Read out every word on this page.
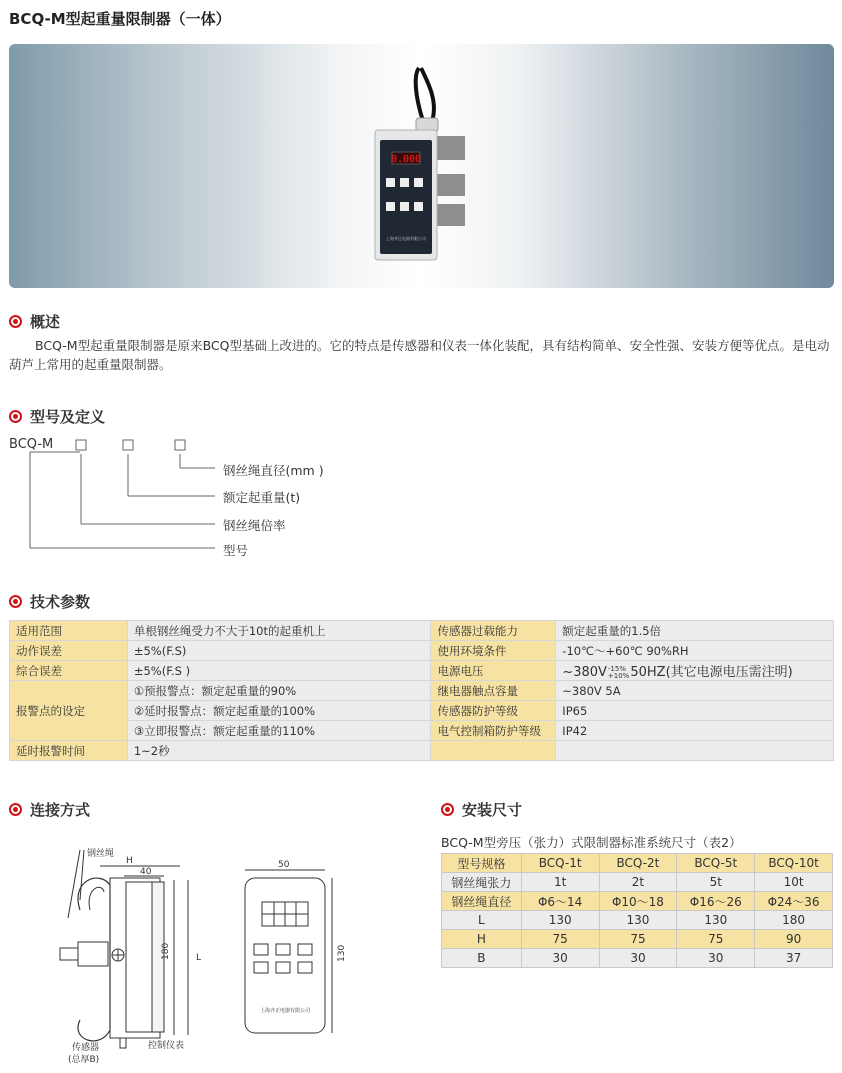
BCQ-M型起重量限制器（一体）
0.000
上海齐正电器有限公司
概述
BCQ-M型起重量限制器是原来BCQ型基础上改进的。它的特点是传感器和仪表一体化装配，具有结构简单、安全性强、安装方便等优点。是电动葫芦上常用的起重量限制器。
型号及定义
BCQ-M
钢丝绳直径(mm )
额定起重量(t)
钢丝绳倍率
型号
技术参数
适用范围	单根钢丝绳受力不大于10t的起重机上	传感器过载能力	额定起重量的1.5倍
动作误差	±5%(F.S)	使用环境条件	-10℃～+60℃ 90%RH
综合误差	±5%(F.S )	电源电压	~380V -15%
+10% 50HZ(其它电源电压需注明)
报警点的设定	①预报警点：额定起重量的90%	继电器触点容量	~380V 5A
	②延时报警点：额定起重量的100%	传感器防护等级	IP65
	③立即报警点：额定起重量的110%	电气控制箱防护等级	IP42
延时报警时间	1~2秒		
连接方式
钢丝绳
H
40
180	L
传感器
(总厚B)
控制仪表
50
130
上海齐正电器有限公司
安装尺寸
BCQ-M型旁压（张力）式限制器标准系统尺寸（表2）
型号规格	BCQ-1t	BCQ-2t	BCQ-5t	BCQ-10t
钢丝绳张力	1t	2t	5t	10t
钢丝绳直径	Φ6～14	Φ10～18	Φ16～26	Φ24～36
L	130	130	130	180
H	75	75	75	90
B	30	30	30	37
